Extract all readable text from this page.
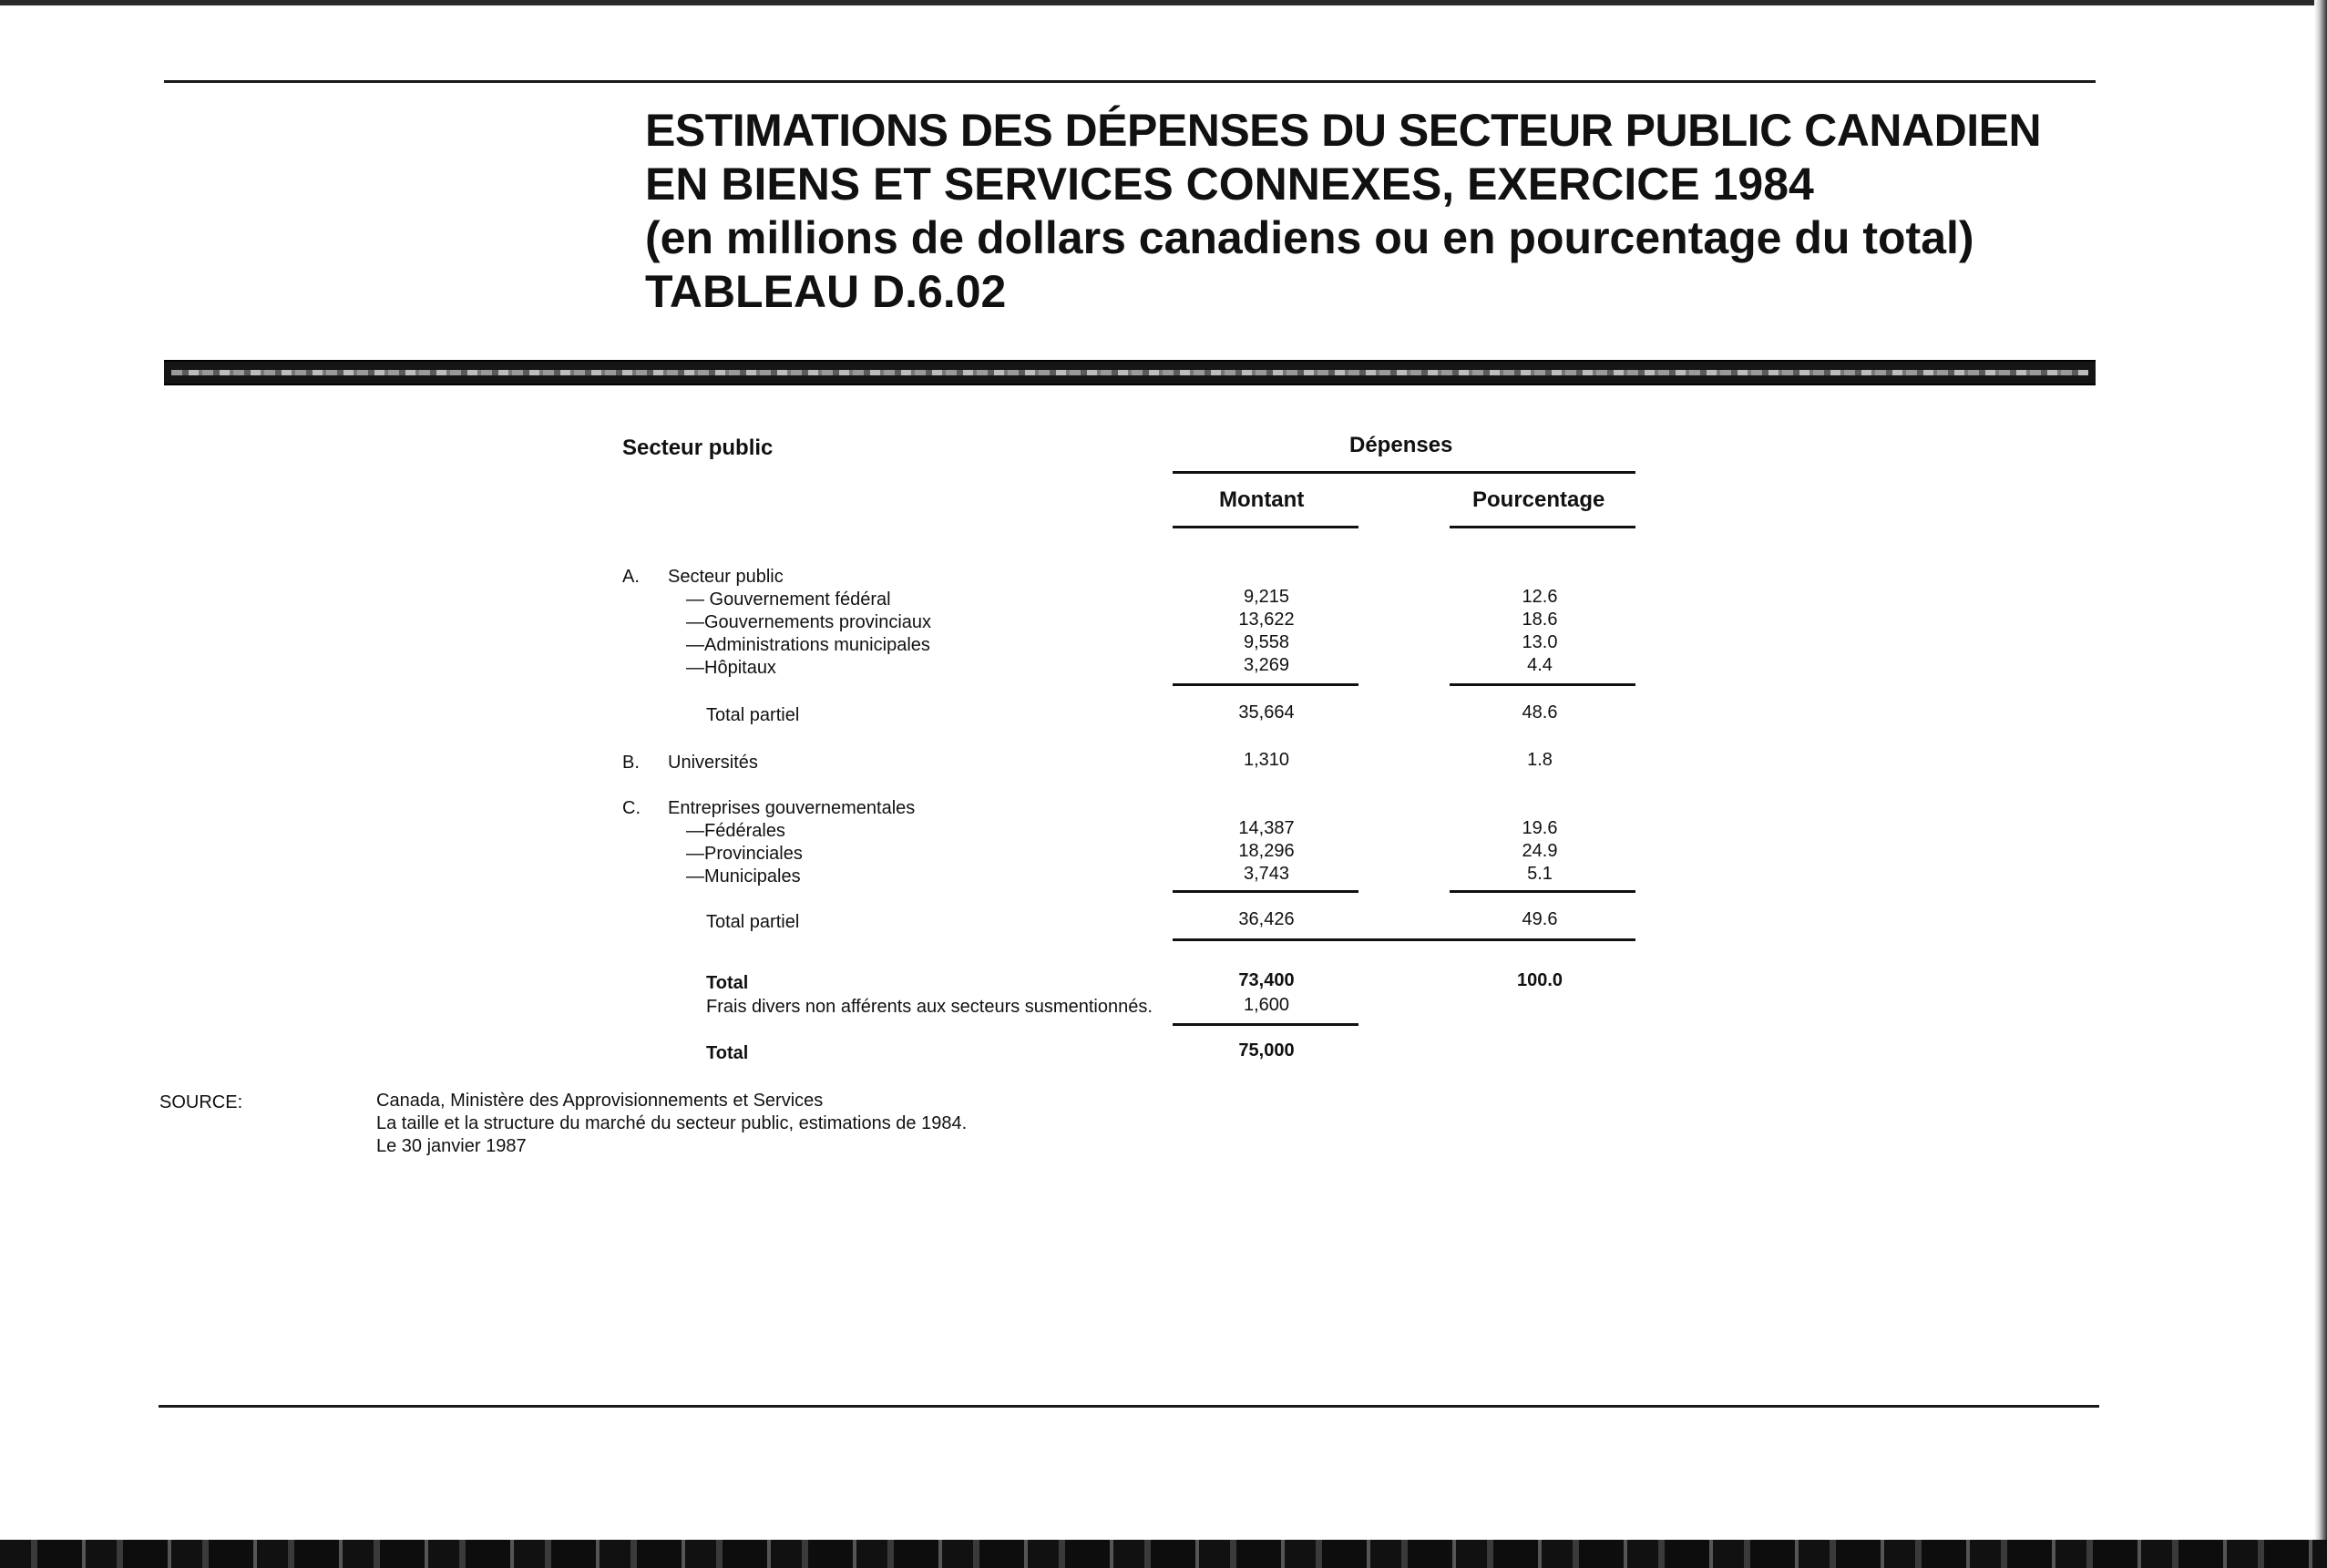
ESTIMATIONS DES DÉPENSES DU SECTEUR PUBLIC CANADIEN
EN BIENS ET SERVICES CONNEXES, EXERCICE 1984
(en millions de dollars canadiens ou en pourcentage du total)
TABLEAU D.6.02
Secteur public	Dépenses
Montant	Pourcentage
A. Secteur public
— Gouvernement fédéral	9,215	12.6
—Gouvernements provinciaux	13,622	18.6
—Administrations municipales	9,558	13.0
—Hôpitaux	3,269	4.4
Total partiel	35,664	48.6
B. Universités	1,310	1.8
C. Entreprises gouvernementales
—Fédérales	14,387	19.6
—Provinciales	18,296	24.9
—Municipales	3,743	5.1
Total partiel	36,426	49.6
Total	73,400	100.0
Frais divers non afférents aux secteurs susmentionnés.	1,600
Total	75,000
SOURCE:	Canada, Ministère des Approvisionnements et Services
La taille et la structure du marché du secteur public, estimations de 1984.
Le 30 janvier 1987
